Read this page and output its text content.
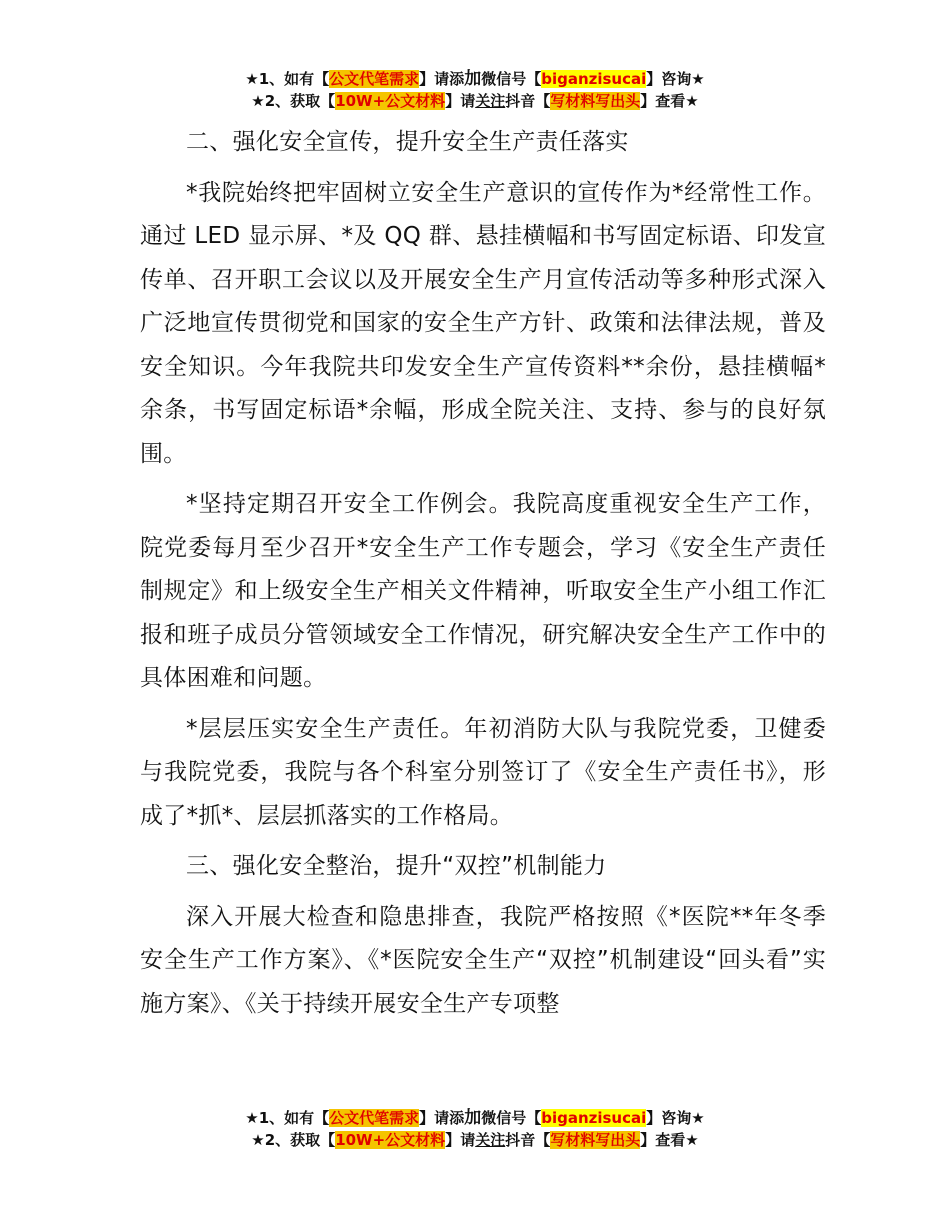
★1、如有【公文代笔需求】请添加微信号【biganzisucai】咨询★
★2、获取【10W+公文材料】请关注抖音【写材料写出头】查看★

二、强化安全宣传，提升安全生产责任落实

*我院始终把牢固树立安全生产意识的宣传作为*经常性工作。通过 LED 显示屏、*及 QQ 群、悬挂横幅和书写固定标语、印发宣传单、召开职工会议以及开展安全生产月宣传活动等多种形式深入广泛地宣传贯彻党和国家的安全生产方针、政策和法律法规，普及安全知识。今年我院共印发安全生产宣传资料**余份，悬挂横幅*余条，书写固定标语*余幅，形成全院关注、支持、参与的良好氛围。

*坚持定期召开安全工作例会。我院高度重视安全生产工作，院党委每月至少召开*安全生产工作专题会，学习《安全生产责任制规定》和上级安全生产相关文件精神，听取安全生产小组工作汇报和班子成员分管领域安全工作情况，研究解决安全生产工作中的具体困难和问题。

*层层压实安全生产责任。年初消防大队与我院党委，卫健委与我院党委，我院与各个科室分别签订了《安全生产责任书》，形成了*抓*、层层抓落实的工作格局。

三、强化安全整治，提升“双控”机制能力

深入开展大检查和隐患排查，我院严格按照《*医院**年冬季安全生产工作方案》、《*医院安全生产“双控”机制建设“回头看”实施方案》、《关于持续开展安全生产专项整

★1、如有【公文代笔需求】请添加微信号【biganzisucai】咨询★
★2、获取【10W+公文材料】请关注抖音【写材料写出头】查看★
